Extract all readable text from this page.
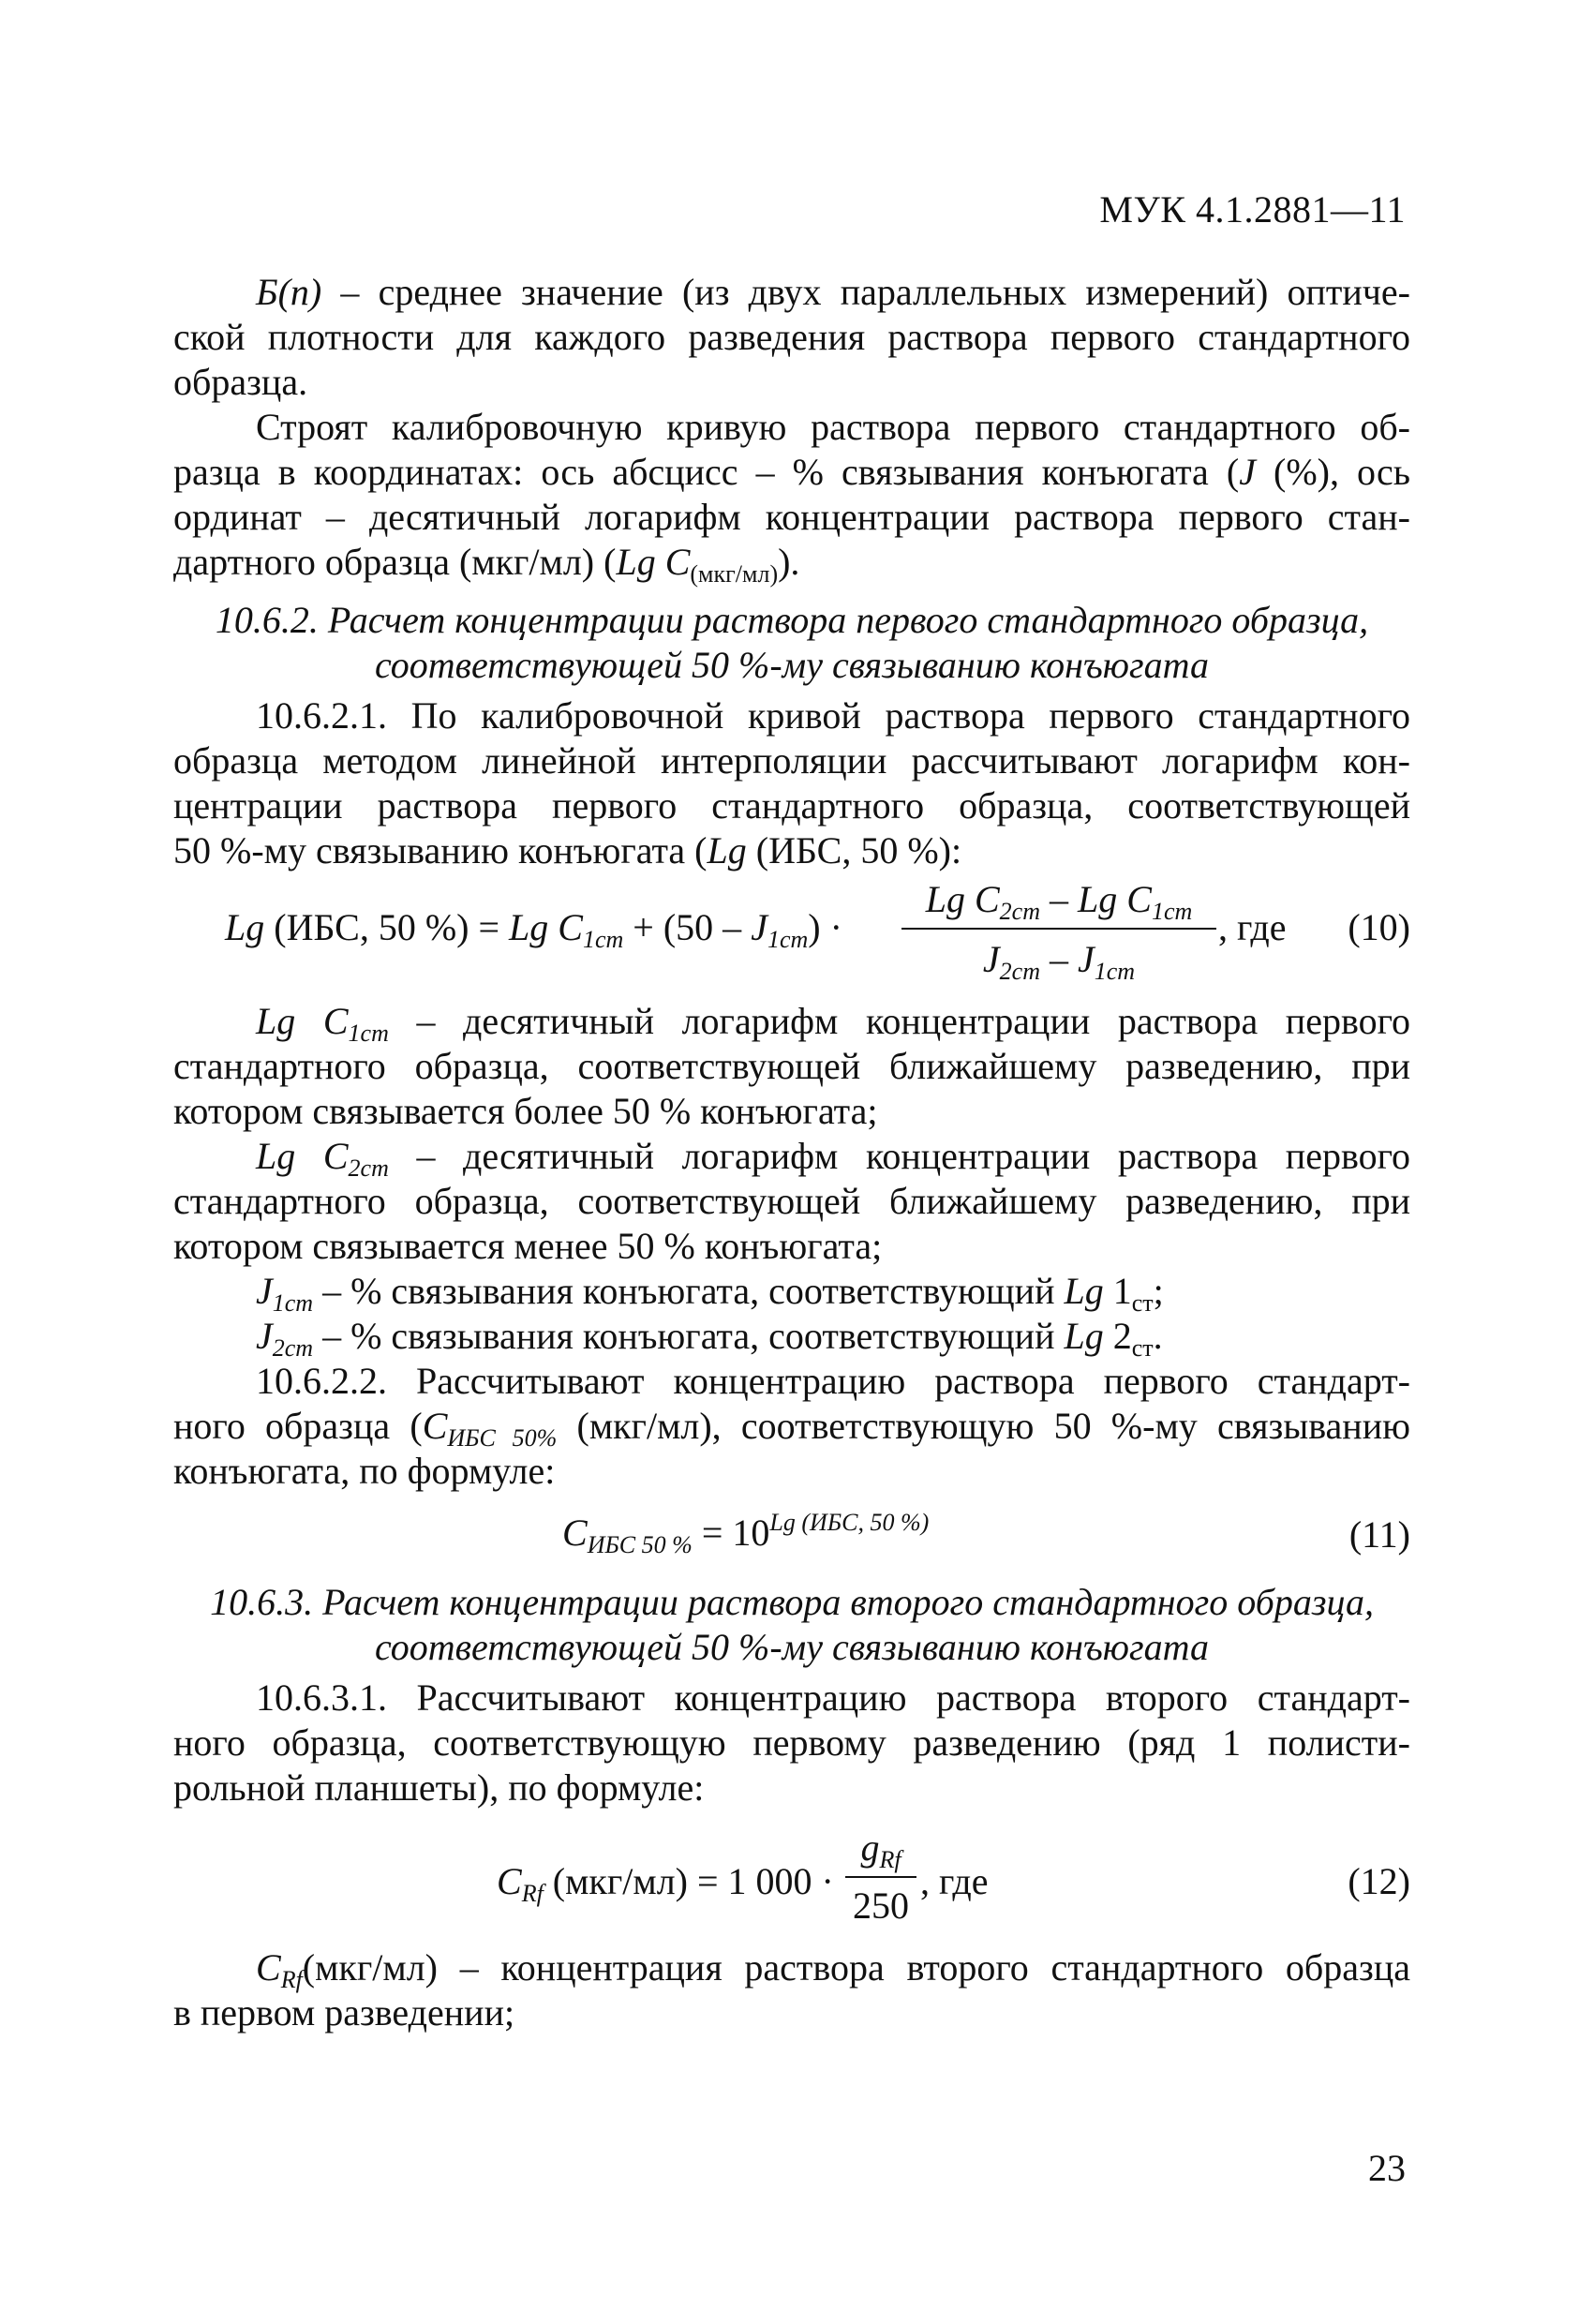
МУК 4.1.2881—11
Б(n) – среднее значение (из двух параллельных измерений) оптиче-
ской плотности для каждого разведения раствора первого стандартного
образца.
Строят калибровочную кривую раствора первого стандартного об-
разца в координатах: ось абсцисс – % связывания конъюгата (J (%), ось
ординат – десятичный логарифм концентрации раствора первого стан-
дартного образца (мкг/мл) (Lg $C_{(мкг/мл)}$).
10.6.2. Расчет концентрации раствора первого стандартного образца,
соответствующей 50 %-му связыванию конъюгата
10.6.2.1. По калибровочной кривой раствора первого стандартного
образца методом линейной интерполяции рассчитывают логарифм кон-
центрации раствора первого стандартного образца, соответствующей
50 %-му связыванию конъюгата (Lg (ИБС, 50 %):
Lg (ИБС, 50 %) = Lg $C_{1ст} + (50 - J_{1ст})$ ·
Lg $C_{2ст}$ – Lg $C_{1ст}$
$J_{2ст} - J_{1ст}$
, где	(10)
Lg $C_{1ст}$ – десятичный логарифм концентрации раствора первого
стандартного образца, соответствующей ближайшему разведению, при
котором связывается более 50 % конъюгата;
Lg $C_{2ст}$ – десятичный логарифм концентрации раствора первого
стандартного образца, соответствующей ближайшему разведению, при
котором связывается менее 50 % конъюгата;
$J_{1ст}$ – % связывания конъюгата, соответствующий Lg $1_{ст}$;
$J_{2ст}$ – % связывания конъюгата, соответствующий Lg $2_{ст}$.
10.6.2.2. Рассчитывают концентрацию раствора первого стандарт-
ного образца ($C_{ИБС 50\%}$ (мкг/мл), соответствующую 50 %-му связыванию
конъюгата, по формуле:
$C_{ИБС 50 \%} = 10^{Lg (ИБС, 50 \%)}$	(11)
10.6.3. Расчет концентрации раствора второго стандартного образца,
соответствующей 50 %-му связыванию конъюгата
10.6.3.1. Рассчитывают концентрацию раствора второго стандарт-
ного образца, соответствующую первому разведению (ряд 1 полисти-
рольной планшеты), по формуле:
$C_{Rf}$ (мкг/мл) = 1 000 ·
$g_{Rf}$
250
, где	(12)
$C_{Rf}(мкг/мл)$ – концентрация раствора второго стандартного образца
в первом разведении;
23
